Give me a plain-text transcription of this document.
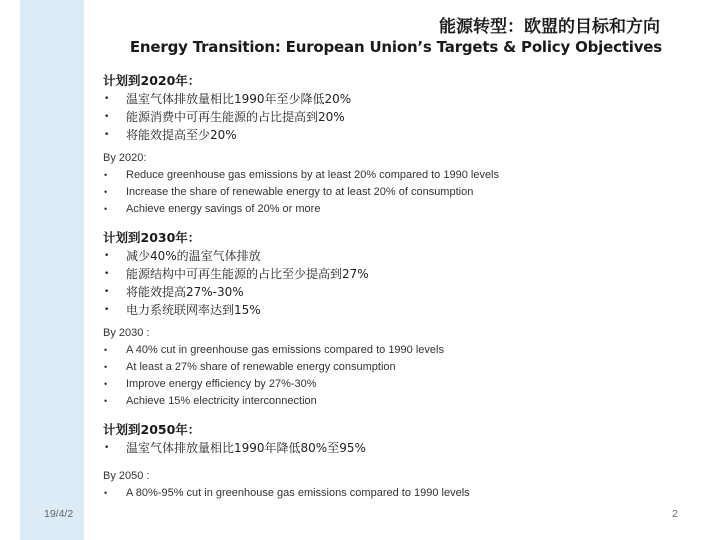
能源转型：欧盟的目标和方向
Energy Transition: European Union’s Targets & Policy Objectives
计划到2020年：
• 温室气体排放量相比1990年至少降低20%
• 能源消费中可再生能源的占比提高到20%
• 将能效提高至少20%
By 2020:
• Reduce greenhouse gas emissions by at least 20% compared to 1990 levels
• Increase the share of renewable energy to at least 20% of consumption
• Achieve energy savings of 20% or more
计划到2030年：
• 减少40%的温室气体排放
• 能源结构中可再生能源的占比至少提高到27%
• 将能效提高27%-30%
• 电力系统联网率达到15%
By 2030 :
• A 40% cut in greenhouse gas emissions compared to 1990 levels
• At least a 27% share of renewable energy consumption
• Improve energy efficiency by 27%-30%
• Achieve 15% electricity interconnection
计划到2050年：
• 温室气体排放量相比1990年降低80%至95%
By 2050 :
• A 80%-95% cut in greenhouse gas emissions compared to 1990 levels
19/4/2	2
